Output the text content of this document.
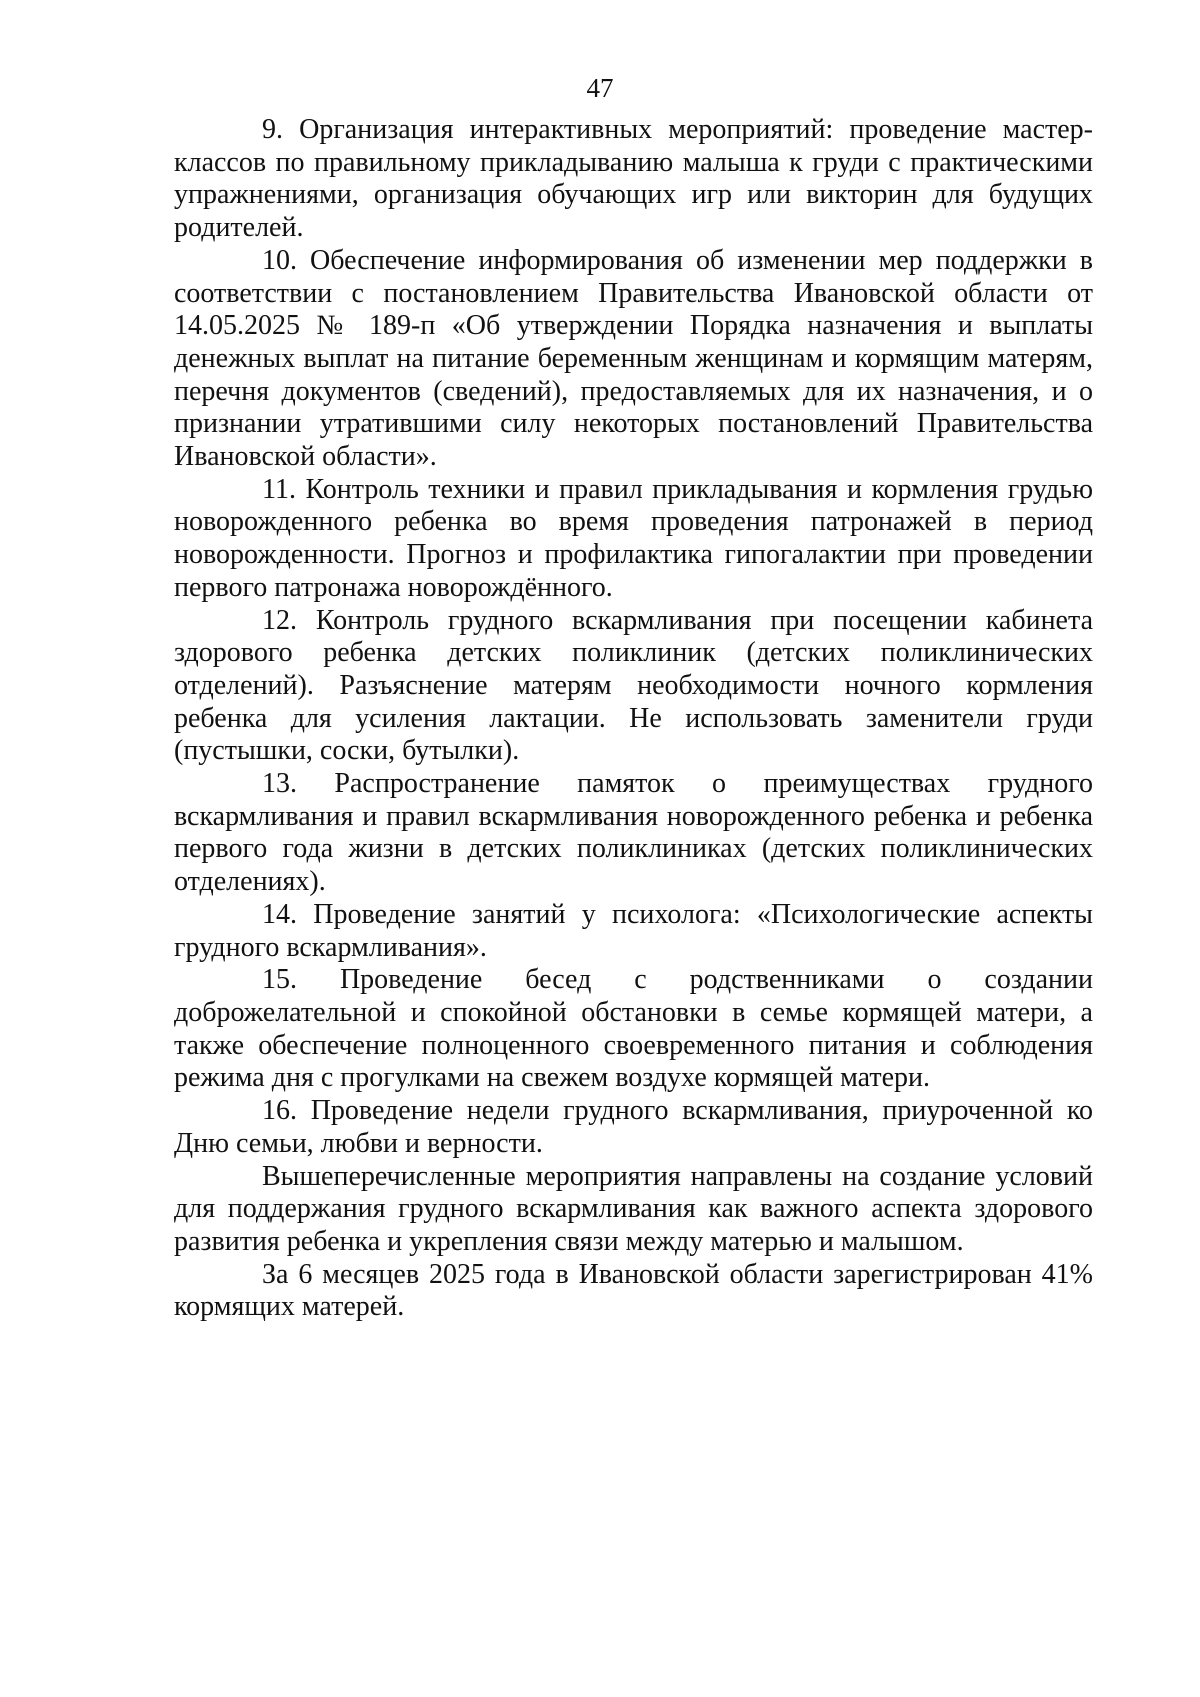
47

9. Организация интерактивных мероприятий: проведение мастер-классов по правильному прикладыванию малыша к груди с практическими упражнениями, организация обучающих игр или викторин для будущих родителей.

10. Обеспечение информирования об изменении мер поддержки в соответствии с постановлением Правительства Ивановской области от 14.05.2025 № 189-п «Об утверждении Порядка назначения и выплаты денежных выплат на питание беременным женщинам и кормящим матерям, перечня документов (сведений), предоставляемых для их назначения, и о признании утратившими силу некоторых постановлений Правительства Ивановской области».

11. Контроль техники и правил прикладывания и кормления грудью новорожденного ребенка во время проведения патронажей в период новорожденности. Прогноз и профилактика гипогалактии при проведении первого патронажа новорождённого.

12. Контроль грудного вскармливания при посещении кабинета здорового ребенка детских поликлиник (детских поликлинических отделений). Разъяснение матерям необходимости ночного кормления ребенка для усиления лактации. Не использовать заменители груди (пустышки, соски, бутылки).

13. Распространение памяток о преимуществах грудного вскармливания и правил вскармливания новорожденного ребенка и ребенка первого года жизни в детских поликлиниках (детских поликлинических отделениях).

14. Проведение занятий у психолога: «Психологические аспекты грудного вскармливания».

15. Проведение бесед с родственниками о создании доброжелательной и спокойной обстановки в семье кормящей матери, а также обеспечение полноценного своевременного питания и соблюдения режима дня с прогулками на свежем воздухе кормящей матери.

16. Проведение недели грудного вскармливания, приуроченной ко Дню семьи, любви и верности.

Вышеперечисленные мероприятия направлены на создание условий для поддержания грудного вскармливания как важного аспекта здорового развития ребенка и укрепления связи между матерью и малышом.

За 6 месяцев 2025 года в Ивановской области зарегистрирован 41% кормящих матерей.
